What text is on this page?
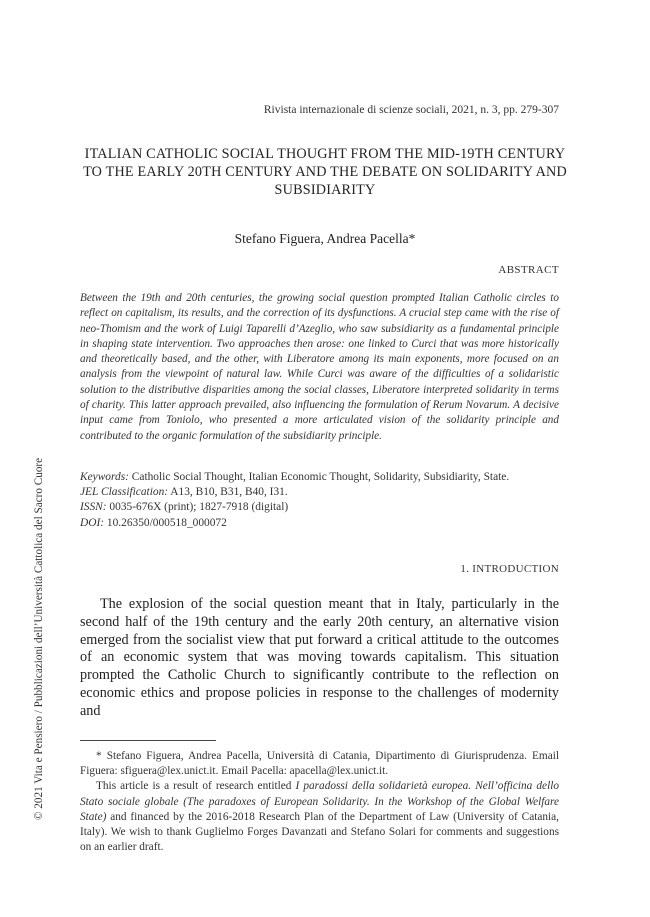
Rivista internazionale di scienze sociali, 2021, n. 3, pp. 279-307
ITALIAN CATHOLIC SOCIAL THOUGHT FROM THE MID-19TH CENTURY TO THE EARLY 20TH CENTURY AND THE DEBATE ON SOLIDARITY AND SUBSIDIARITY
Stefano Figuera, Andrea Pacella*
ABSTRACT

Between the 19th and 20th centuries, the growing social question prompted Italian Catholic circles to reflect on capitalism, its results, and the correction of its dysfunctions. A crucial step came with the rise of neo-Thomism and the work of Luigi Taparelli d’Azeglio, who saw subsidiarity as a fundamental principle in shaping state intervention. Two approaches then arose: one linked to Curci that was more historically and theoretically based, and the other, with Liberatore among its main exponents, more focused on an analysis from the viewpoint of natural law. While Curci was aware of the difficulties of a solidaristic solution to the distributive disparities among the social classes, Liberatore interpreted solidarity in terms of charity. This latter approach prevailed, also influencing the formulation of Rerum Novarum. A decisive input came from Toniolo, who presented a more articulated vision of the solidarity principle and contributed to the organic formulation of the subsidiarity principle.

Keywords: Catholic Social Thought, Italian Economic Thought, Solidarity, Subsidiarity, State.
JEL Classification: A13, B10, B31, B40, I31.
ISSN: 0035-676X (print); 1827-7918 (digital)
DOI: 10.26350/000518_000072
1. INTRODUCTION

The explosion of the social question meant that in Italy, particularly in the second half of the 19th century and the early 20th century, an alternative vision emerged from the socialist view that put forward a critical attitude to the outcomes of an economic system that was moving towards capitalism. This situation prompted the Catholic Church to significantly contribute to the reflection on economic ethics and propose policies in response to the challenges of modernity and

* Stefano Figuera, Andrea Pacella, Università di Catania, Dipartimento di Giurisprudenza. Email Figuera: sfiguera@lex.unict.it. Email Pacella: apacella@lex.unict.it.

This article is a result of research entitled I paradossi della solidarietà europea. Nell’officina dello Stato sociale globale (The paradoxes of European Solidarity. In the Workshop of the Global Welfare State) and financed by the 2016-2018 Research Plan of the Department of Law (University of Catania, Italy). We wish to thank Guglielmo Forges Davanzati and Stefano Solari for comments and suggestions on an earlier draft.

© 2021 Vita e Pensiero / Pubblicazioni dell’Università Cattolica del Sacro Cuore
